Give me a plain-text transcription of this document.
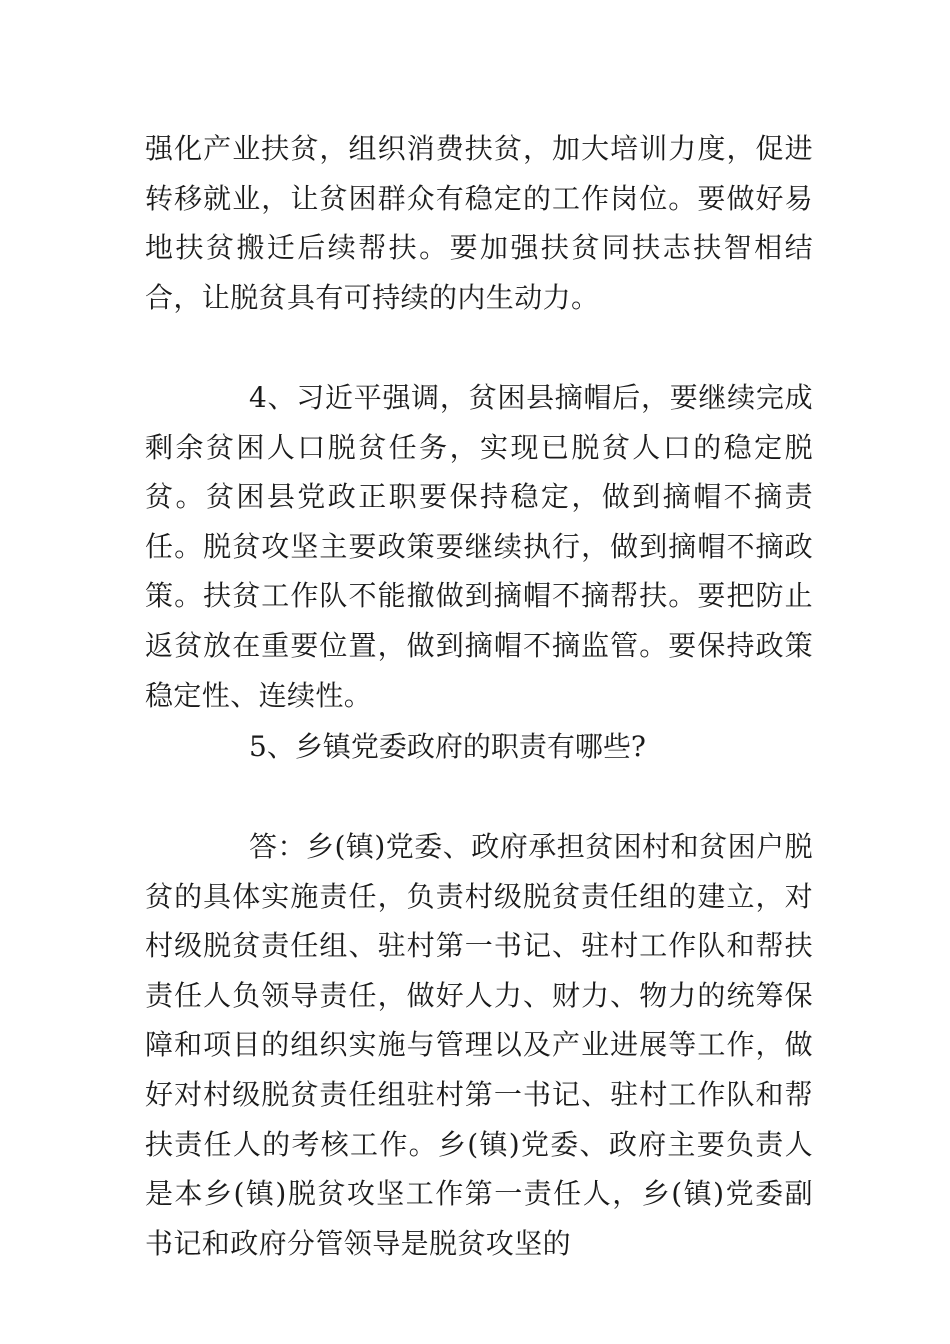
强化产业扶贫，组织消费扶贫，加大培训力度，促进转移就业，让贫困群众有稳定的工作岗位。要做好易地扶贫搬迁后续帮扶。要加强扶贫同扶志扶智相结合，让脱贫具有可持续的内生动力。

4、习近平强调，贫困县摘帽后，要继续完成剩余贫困人口脱贫任务，实现已脱贫人口的稳定脱贫。贫困县党政正职要保持稳定，做到摘帽不摘责任。脱贫攻坚主要政策要继续执行，做到摘帽不摘政策。扶贫工作队不能撤做到摘帽不摘帮扶。要把防止返贫放在重要位置，做到摘帽不摘监管。要保持政策稳定性、连续性。

5、乡镇党委政府的职责有哪些?

答：乡(镇)党委、政府承担贫困村和贫困户脱贫的具体实施责任，负责村级脱贫责任组的建立，对村级脱贫责任组、驻村第一书记、驻村工作队和帮扶责任人负领导责任，做好人力、财力、物力的统筹保障和项目的组织实施与管理以及产业进展等工作，做好对村级脱贫责任组驻村第一书记、驻村工作队和帮扶责任人的考核工作。乡(镇)党委、政府主要负责人是本乡(镇)脱贫攻坚工作第一责任人，乡(镇)党委副书记和政府分管领导是脱贫攻坚的
